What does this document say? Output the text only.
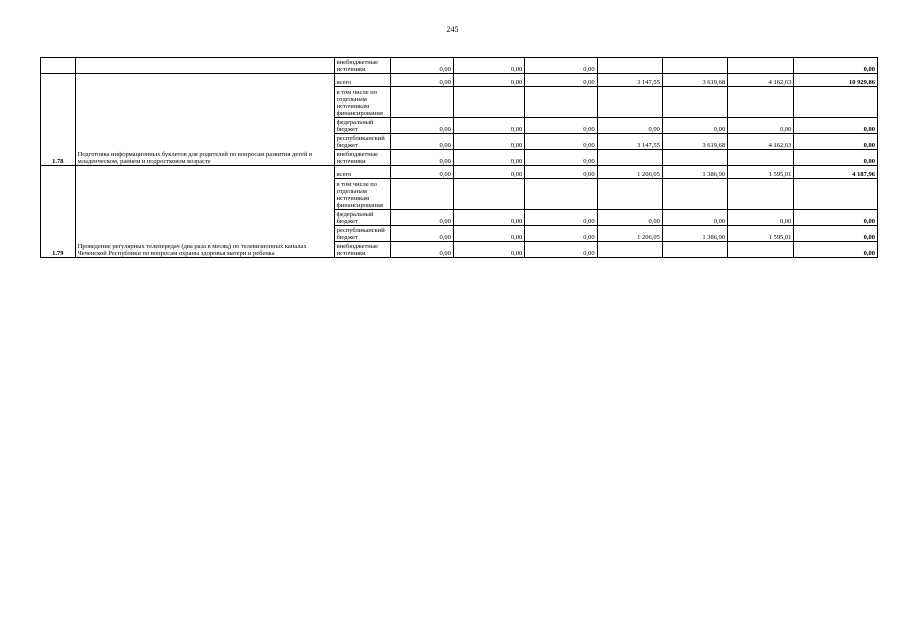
245
		внебюджетные источники	0,00	0,00	0,00				0,00
1.78	Подготовка информационных буклетов для родителей по вопросам развития детей в младенческом, раннем и подростковом возрасте	всего	0,00	0,00	0,00	3 147,55	3 619,68	4 162,63	10 929,86
		в том числе по отдельным источникам финансирования							
		федеральный бюджет	0,00	0,00	0,00	0,00	0,00	0,00	0,00
		республиканский бюджет	0,00	0,00	0,00	3 147,55	3 619,68	4 162,63	0,00
		внебюджетные источники	0,00	0,00	0,00				0,00
1.79	Проведение регулярных телепередач (два раза в месяц) по телевизионных каналах Чеченской Республики по вопросам охраны здоровья матери и ребенка	всего	0,00	0,00	0,00	1 206,05	1 386,90	1 595,01	4 187,96
		в том числе по отдельным источникам финансирования							
		федеральный бюджет	0,00	0,00	0,00	0,00	0,00	0,00	0,00
		республиканский бюджет	0,00	0,00	0,00	1 206,05	1 386,90	1 595,01	0,00
		внебюджетные источники	0,00	0,00	0,00				0,00
